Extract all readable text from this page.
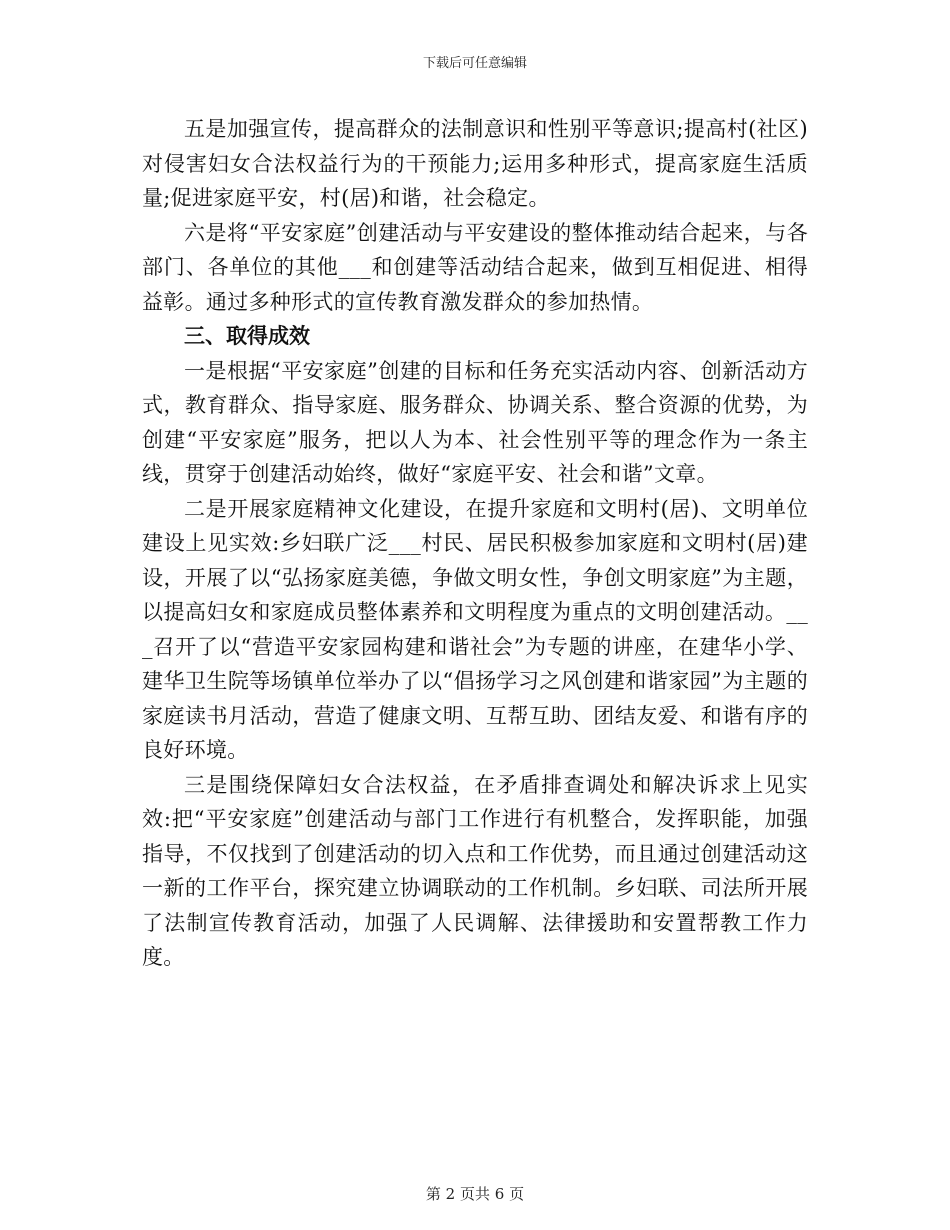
下载后可任意编辑

五是加强宣传，提高群众的法制意识和性别平等意识;提高村(社区)对侵害妇女合法权益行为的干预能力;运用多种形式，提高家庭生活质量;促进家庭平安，村(居)和谐，社会稳定。

六是将“平安家庭”创建活动与平安建设的整体推动结合起来，与各部门、各单位的其他___和创建等活动结合起来，做到互相促进、相得益彰。通过多种形式的宣传教育激发群众的参加热情。

三、取得成效

一是根据“平安家庭”创建的目标和任务充实活动内容、创新活动方式，教育群众、指导家庭、服务群众、协调关系、整合资源的优势，为创建“平安家庭”服务，把以人为本、社会性别平等的理念作为一条主线，贯穿于创建活动始终，做好“家庭平安、社会和谐”文章。

二是开展家庭精神文化建设，在提升家庭和文明村(居)、文明单位建设上见实效:乡妇联广泛___村民、居民积极参加家庭和文明村(居)建设，开展了以“弘扬家庭美德，争做文明女性，争创文明家庭”为主题，以提高妇女和家庭成员整体素养和文明程度为重点的文明创建活动。___召开了以“营造平安家园构建和谐社会”为专题的讲座，在建华小学、建华卫生院等场镇单位举办了以“倡扬学习之风创建和谐家园”为主题的家庭读书月活动，营造了健康文明、互帮互助、团结友爱、和谐有序的良好环境。

三是围绕保障妇女合法权益，在矛盾排查调处和解决诉求上见实效:把“平安家庭”创建活动与部门工作进行有机整合，发挥职能，加强指导，不仅找到了创建活动的切入点和工作优势，而且通过创建活动这一新的工作平台，探究建立协调联动的工作机制。乡妇联、司法所开展了法制宣传教育活动，加强了人民调解、法律援助和安置帮教工作力度。

第 2 页共 6 页
